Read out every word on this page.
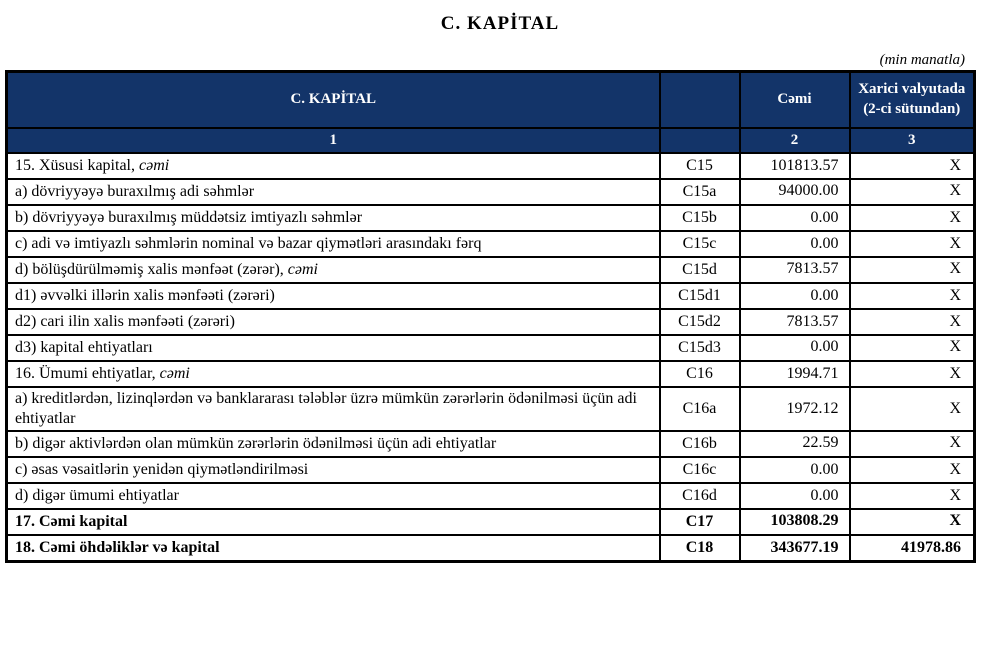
C. KAPİTAL
(min manatla)
C. KAPİTAL		Cəmi	Xarici valyutada (2-ci sütundan)
1		2	3
15. Xüsusi kapital, cəmi	C15	101813.57	X
a) dövriyyəyə buraxılmış adi səhmlər	C15a	94000.00	X
b) dövriyyəyə buraxılmış müddətsiz imtiyazlı səhmlər	C15b	0.00	X
c) adi və imtiyazlı səhmlərin nominal və bazar qiymətləri arasındakı fərq	C15c	0.00	X
d) bölüşdürülməmiş xalis mənfəət (zərər), cəmi	C15d	7813.57	X
d1) əvvəlki illərin xalis mənfəəti (zərəri)	C15d1	0.00	X
d2) cari ilin xalis mənfəəti (zərəri)	C15d2	7813.57	X
d3) kapital ehtiyatları	C15d3	0.00	X
16. Ümumi ehtiyatlar, cəmi	C16	1994.71	X
a) kreditlərdən, lizinqlərdən və banklararası tələblər üzrə mümkün zərərlərin ödənilməsi üçün adi ehtiyatlar	C16a	1972.12	X
b) digər aktivlərdən olan mümkün zərərlərin ödənilməsi üçün adi ehtiyatlar	C16b	22.59	X
c) əsas vəsaitlərin yenidən qiymətləndirilməsi	C16c	0.00	X
d) digər ümumi ehtiyatlar	C16d	0.00	X
17. Cəmi kapital	C17	103808.29	X
18. Cəmi öhdəliklər və kapital	C18	343677.19	41978.86
